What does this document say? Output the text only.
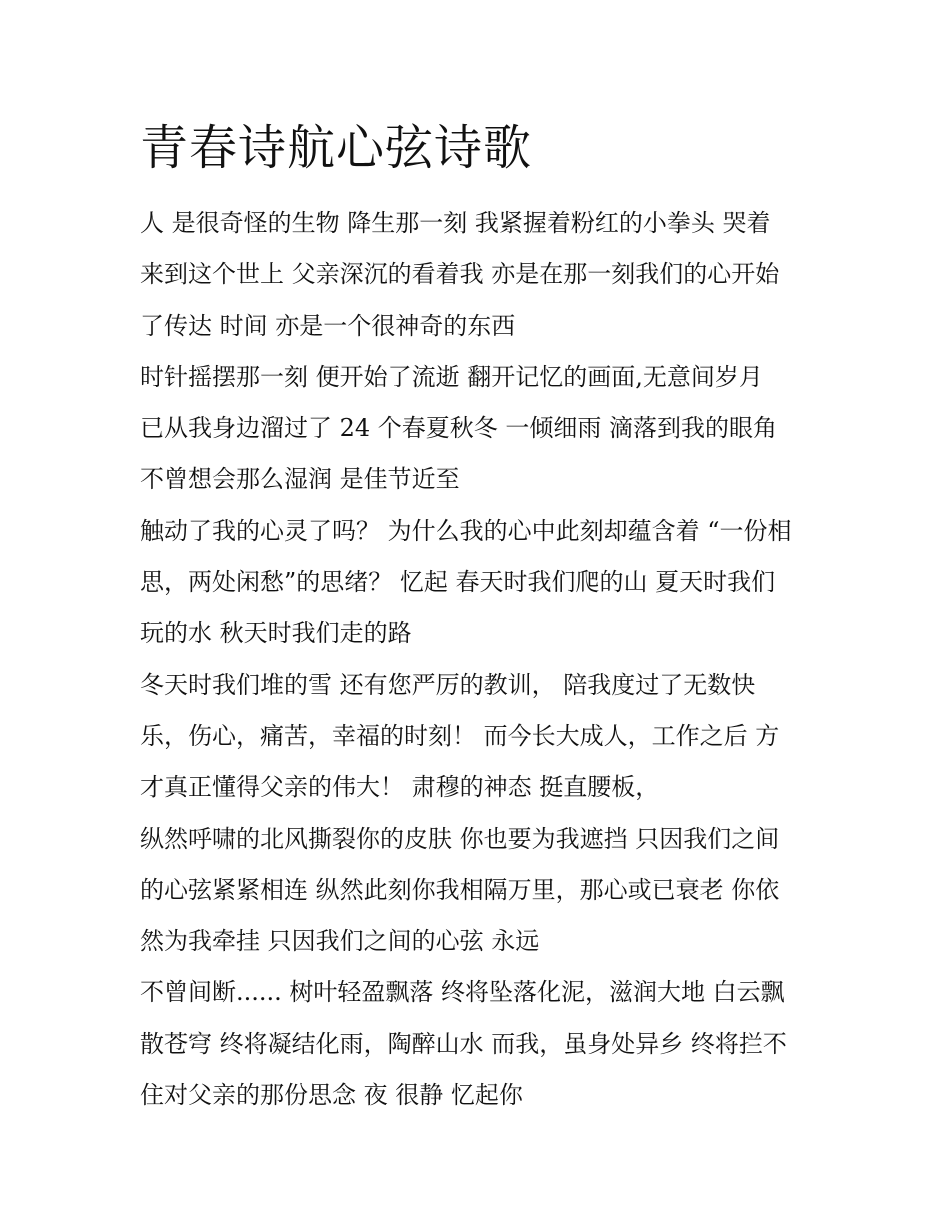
青春诗航心弦诗歌
人 是很奇怪的生物 降生那一刻 我紧握着粉红的小拳头 哭着
来到这个世上 父亲深沉的看着我 亦是在那一刻我们的心开始
了传达 时间 亦是一个很神奇的东西
时针摇摆那一刻 便开始了流逝 翻开记忆的画面,无意间岁月
已从我身边溜过了 24 个春夏秋冬 一倾细雨 滴落到我的眼角
不曾想会那么湿润 是佳节近至
触动了我的心灵了吗？ 为什么我的心中此刻却蕴含着 “一份相
思，两处闲愁”的思绪？ 忆起 春天时我们爬的山 夏天时我们
玩的水 秋天时我们走的路
冬天时我们堆的雪 还有您严厉的教训， 陪我度过了无数快
乐，伤心，痛苦，幸福的时刻！ 而今长大成人，工作之后 方
才真正懂得父亲的伟大！ 肃穆的神态 挺直腰板，
纵然呼啸的北风撕裂你的皮肤 你也要为我遮挡 只因我们之间
的心弦紧紧相连 纵然此刻你我相隔万里，那心或已衰老 你依
然为我牵挂 只因我们之间的心弦 永远
不曾间断...... 树叶轻盈飘落 终将坠落化泥，滋润大地 白云飘
散苍穹 终将凝结化雨，陶醉山水 而我，虽身处异乡 终将拦不
住对父亲的那份思念 夜 很静 忆起你
